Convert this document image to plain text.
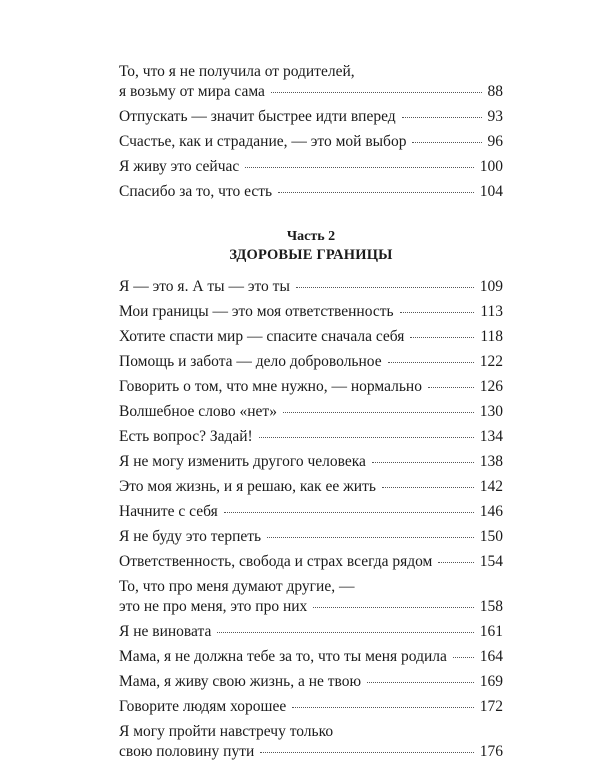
То, что я не получила от родителей,
я возьму от мира сама	88
Отпускать — значит быстрее идти вперед	93
Счастье, как и страдание, — это мой выбор	96
Я живу это сейчас	100
Спасибо за то, что есть	104
Часть 2
ЗДОРОВЫЕ ГРАНИЦЫ
Я — это я. А ты — это ты	109
Мои границы — это моя ответственность	113
Хотите спасти мир — спасите сначала себя	118
Помощь и забота — дело добровольное	122
Говорить о том, что мне нужно, — нормально	126
Волшебное слово «нет»	130
Есть вопрос? Задай!	134
Я не могу изменить другого человека	138
Это моя жизнь, и я решаю, как ее жить	142
Начните с себя	146
Я не буду это терпеть	150
Ответственность, свобода и страх всегда рядом	154
То, что про меня думают другие, —
это не про меня, это про них	158
Я не виновата	161
Мама, я не должна тебе за то, что ты меня родила 164
Мама, я живу свою жизнь, а не твою	169
Говорите людям хорошее	172
Я могу пройти навстречу только
свою половину пути	176
